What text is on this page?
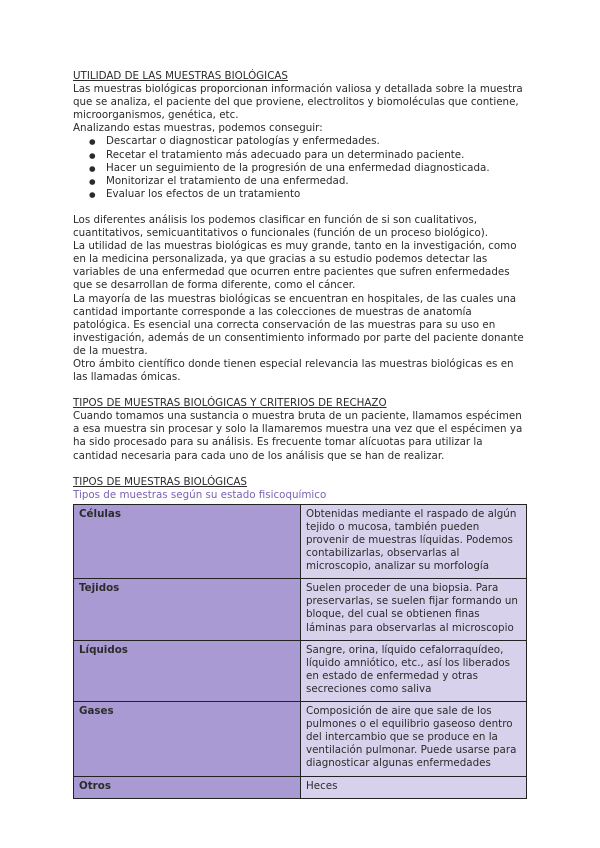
UTILIDAD DE LAS MUESTRAS BIOLÓGICAS

Las muestras biológicas proporcionan información valiosa y detallada sobre la muestra que se analiza, el paciente del que proviene, electrolitos y biomoléculas que contiene, microorganismos, genética, etc.

Analizando estas muestras, podemos conseguir:

● Descartar o diagnosticar patologías y enfermedades.
● Recetar el tratamiento más adecuado para un determinado paciente.
● Hacer un seguimiento de la progresión de una enfermedad diagnosticada.
● Monitorizar el tratamiento de una enfermedad.
● Evaluar los efectos de un tratamiento

Los diferentes análisis los podemos clasificar en función de si son cualitativos, cuantitativos, semicuantitativos o funcionales (función de un proceso biológico).

La utilidad de las muestras biológicas es muy grande, tanto en la investigación, como en la medicina personalizada, ya que gracias a su estudio podemos detectar las variables de una enfermedad que ocurren entre pacientes que sufren enfermedades que se desarrollan de forma diferente, como el cáncer.

La mayoría de las muestras biológicas se encuentran en hospitales, de las cuales una cantidad importante corresponde a las colecciones de muestras de anatomía patológica. Es esencial una correcta conservación de las muestras para su uso en investigación, además de un consentimiento informado por parte del paciente donante de la muestra.

Otro ámbito científico donde tienen especial relevancia las muestras biológicas es en las llamadas ómicas.

TIPOS DE MUESTRAS BIOLÓGICAS Y CRITERIOS DE RECHAZO

Cuando tomamos una sustancia o muestra bruta de un paciente, llamamos espécimen a esa muestra sin procesar y solo la llamaremos muestra una vez que el espécimen ya ha sido procesado para su análisis. Es frecuente tomar alícuotas para utilizar la cantidad necesaria para cada uno de los análisis que se han de realizar.

TIPOS DE MUESTRAS BIOLÓGICAS

Tipos de muestras según su estado fisicoquímico

Células	Obtenidas mediante el raspado de algún tejido o mucosa, también pueden provenir de muestras líquidas. Podemos contabilizarlas, observarlas al microscopio, analizar su morfología
Tejidos	Suelen proceder de una biopsia. Para preservarlas, se suelen fijar formando un bloque, del cual se obtienen finas láminas para observarlas al microscopio
Líquidos	Sangre, orina, líquido cefalorraquídeo, líquido amniótico, etc., así los liberados en estado de enfermedad y otras secreciones como saliva
Gases	Composición de aire que sale de los pulmones o el equilibrio gaseoso dentro del intercambio que se produce en la ventilación pulmonar. Puede usarse para diagnosticar algunas enfermedades
Otros	Heces
